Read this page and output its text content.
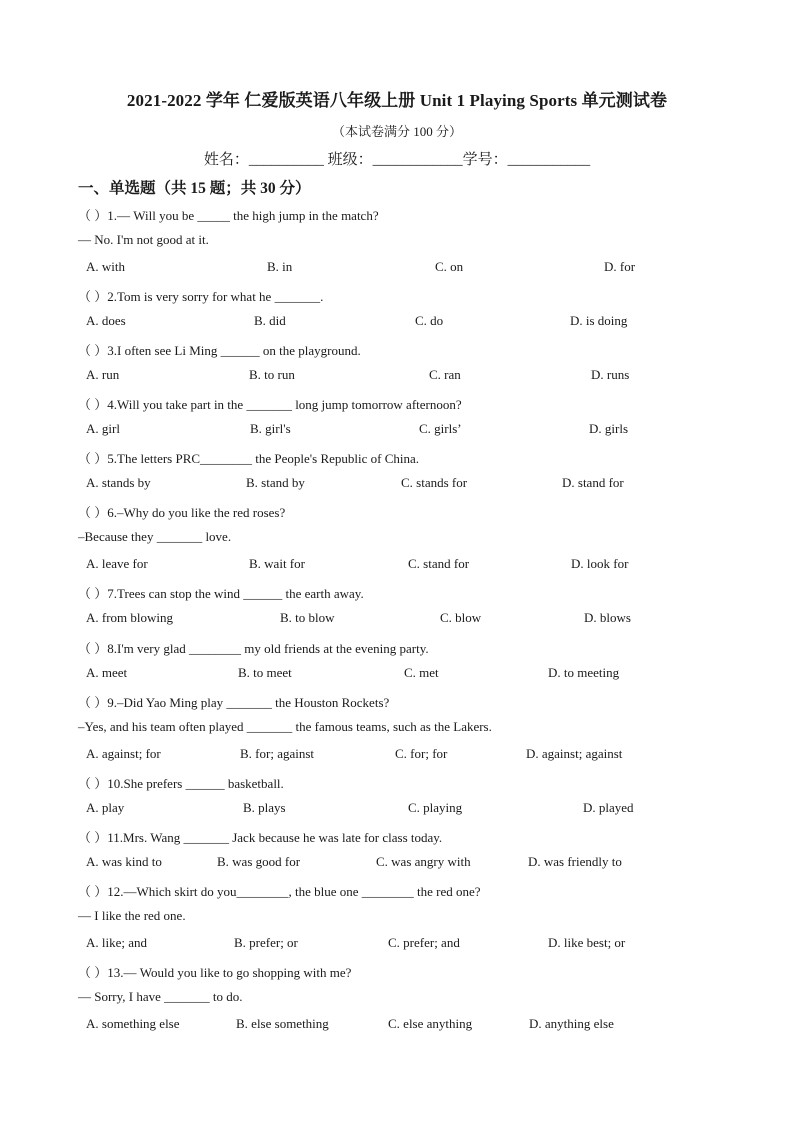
2021-2022 学年 仁爱版英语八年级上册 Unit 1 Playing Sports 单元测试卷
（本试卷满分 100 分）
姓名：__________ 班级：____________学号：___________
一、单选题（共 15 题；共 30 分）
（ ）1.— Will you be _____ the high jump in the match?
— No. I'm not good at it.
A. with	B. in	C. on	D. for
（ ）2.Tom is very sorry for what he _______.
A. does	B. did	C. do	D. is doing
（ ）3.I often see Li Ming ______ on the playground.
A. run	B. to run	C. ran	D. runs
（ ）4.Will you take part in the _______ long jump tomorrow afternoon?
A. girl	B. girl's	C. girls’	D. girls
（ ）5.The letters PRC________ the People's Republic of China.
A. stands by	B. stand by	C. stands for	D. stand for
（ ）6.–Why do you like the red roses?
–Because they _______ love.
A. leave for	B. wait for	C. stand for	D. look for
（ ）7.Trees can stop the wind ______ the earth away.
A. from blowing	B. to blow	C. blow	D. blows
（ ）8.I'm very glad ________ my old friends at the evening party.
A. meet	B. to meet	C. met	D. to meeting
（ ）9.–Did Yao Ming play _______ the Houston Rockets?
–Yes, and his team often played _______ the famous teams, such as the Lakers.
A. against; for	B. for; against	C. for; for	D. against; against
（ ）10.She prefers ______ basketball.
A. play	B. plays	C. playing	D. played
（ ）11.Mrs. Wang _______ Jack because he was late for class today.
A. was kind to	B. was good for	C. was angry with	D. was friendly to
（ ）12.—Which skirt do you________, the blue one ________ the red one?
— I like the red one.
A. like; and	B. prefer; or	C. prefer; and	D. like best; or
（ ）13.— Would you like to go shopping with me?
— Sorry, I have _______ to do.
A. something else	B. else something	C. else anything	D. anything else
